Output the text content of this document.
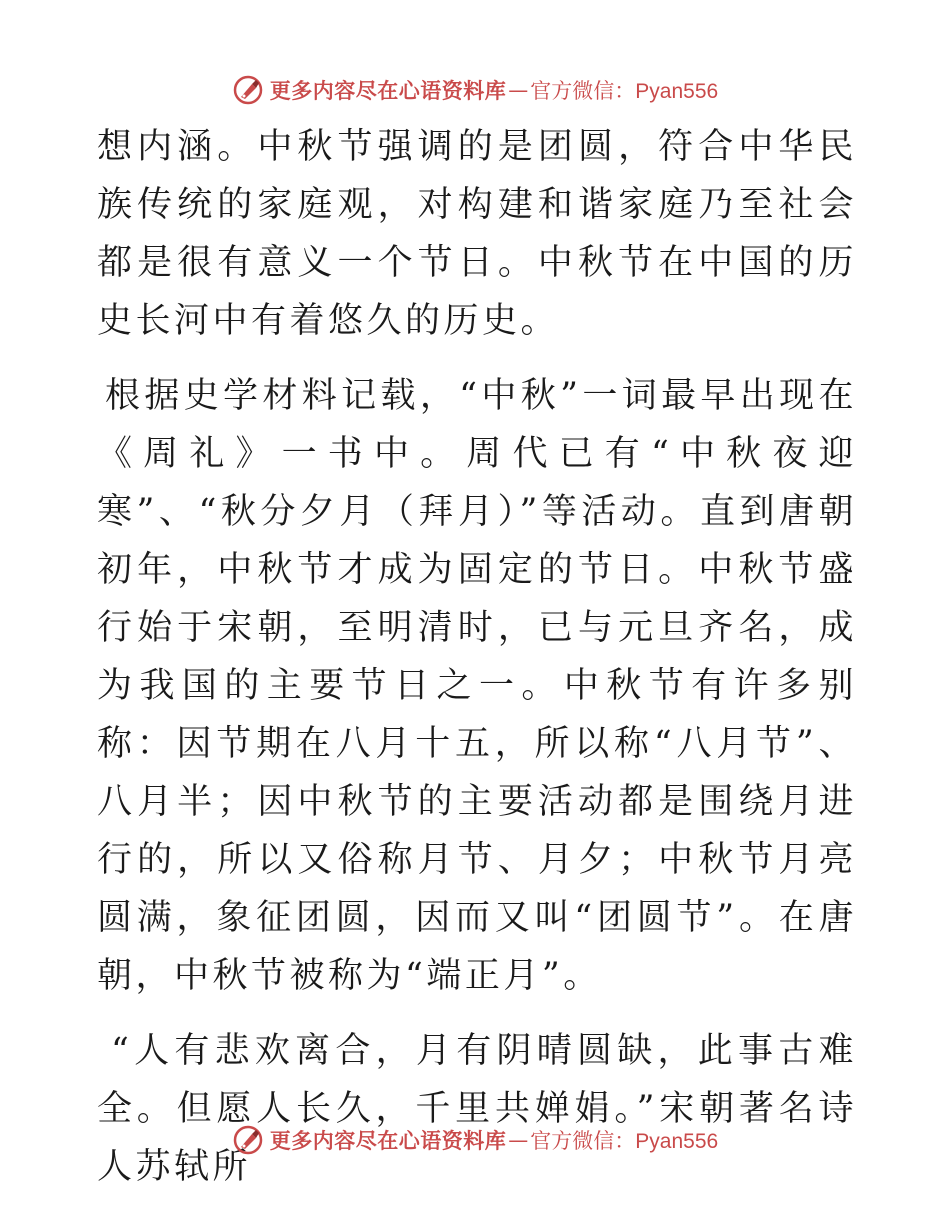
更多内容尽在心语资料库 — 官方微信：Pyan556

想内涵。中秋节强调的是团圆，符合中华民族传统的家庭观，对构建和谐家庭乃至社会都是很有意义一个节日。中秋节在中国的历史长河中有着悠久的历史。

根据史学材料记载，“中秋”一词最早出现在《周礼》一书中。周代已有“中秋夜迎寒”、“秋分夕月（拜月）”等活动。直到唐朝初年，中秋节才成为固定的节日。中秋节盛行始于宋朝，至明清时，已与元旦齐名，成为我国的主要节日之一。中秋节有许多别称：因节期在八月十五，所以称“八月节”、八月半；因中秋节的主要活动都是围绕月进行的，所以又俗称月节、月夕；中秋节月亮圆满，象征团圆，因而又叫“团圆节”。在唐朝，中秋节被称为“端正月”。

“人有悲欢离合，月有阴晴圆缺，此事古难全。但愿人长久，千里共婵娟。”宋朝著名诗人苏轼所

更多内容尽在心语资料库 — 官方微信：Pyan556
